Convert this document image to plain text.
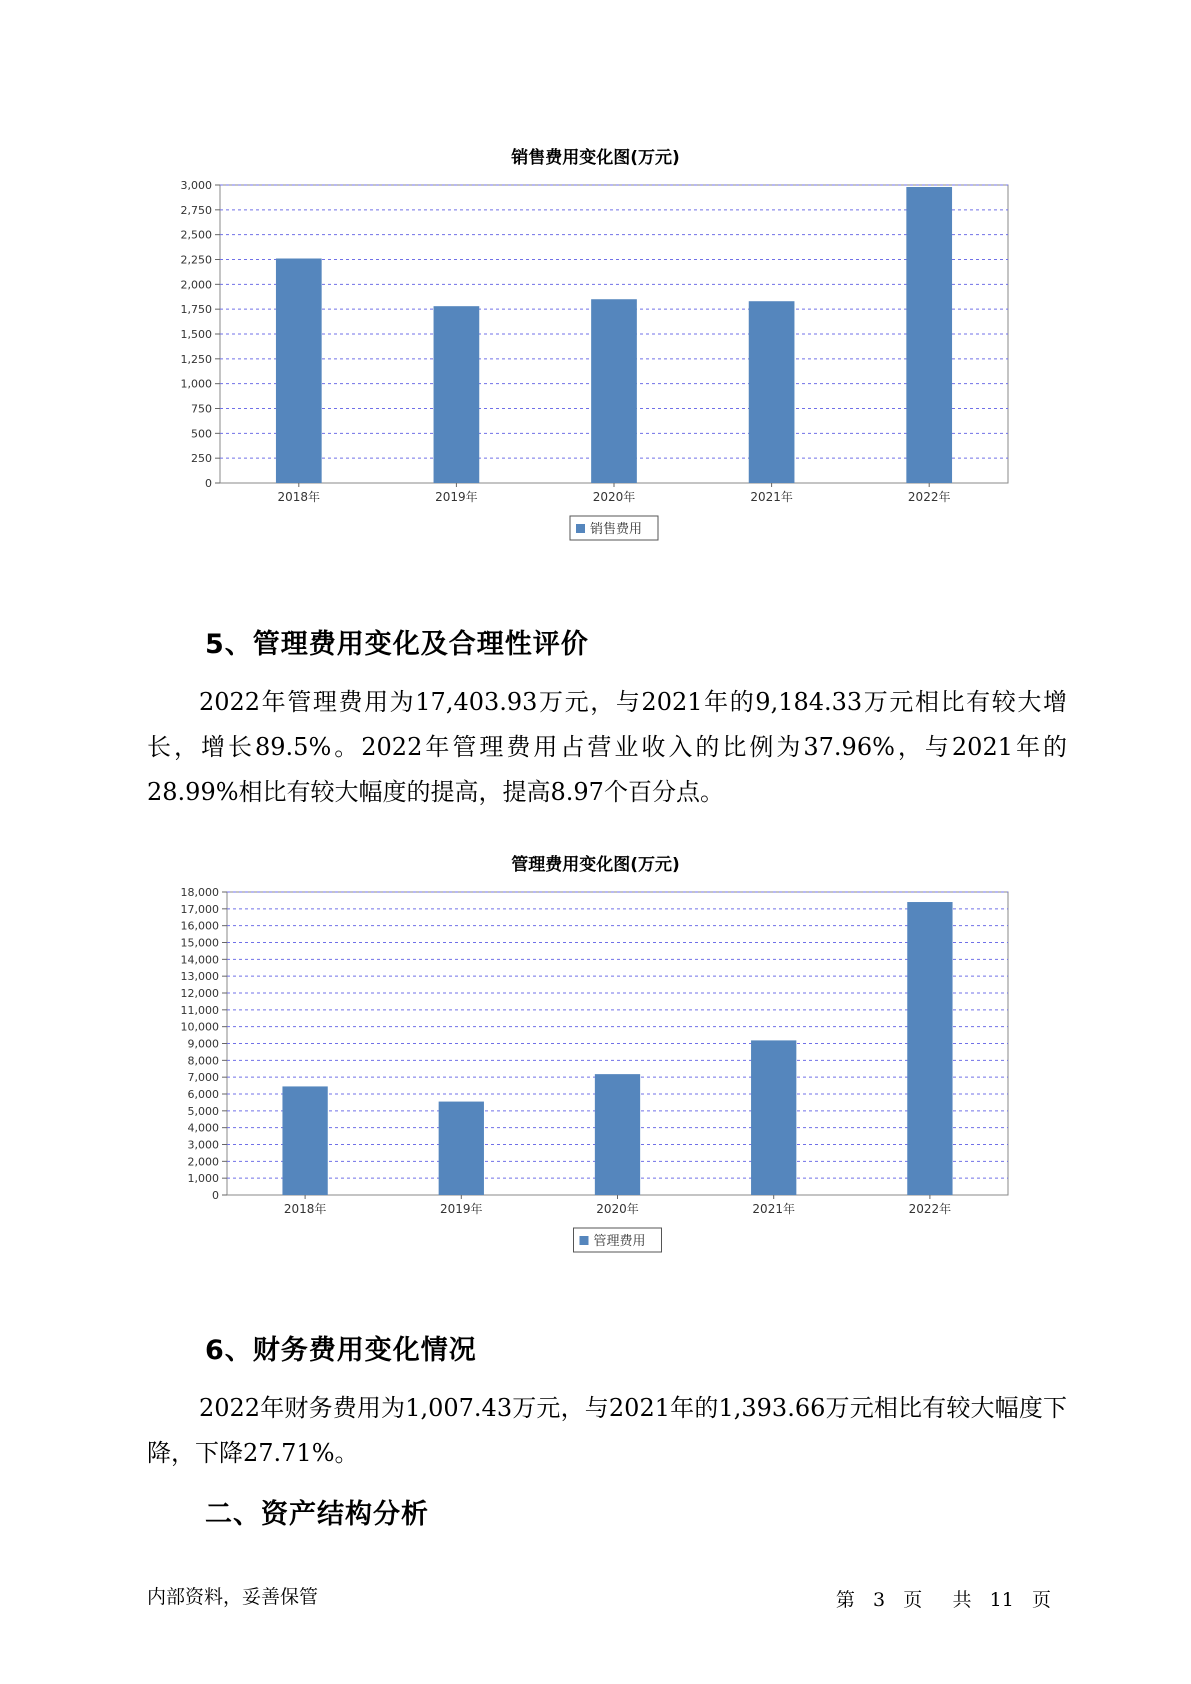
销售费用变化图(万元)
0
250
500
750
1,000
1,250
1,500
1,750
2,000
2,250
2,500
2,750
3,000
2018年	2019年	2020年	2021年	2022年
销售费用
5、管理费用变化及合理性评价
2022年管理费用为17,403.93万元，与2021年的9,184.33万元相比有较大增长，增长89.5%。2022年管理费用占营业收入的比例为37.96%，与2021年的28.99%相比有较大幅度的提高，提高8.97个百分点。
管理费用变化图(万元)
0
1,000
2,000
3,000
4,000
5,000
6,000
7,000
8,000
9,000
10,000
11,000
12,000
13,000
14,000
15,000
16,000
17,000
18,000
2018年	2019年	2020年	2021年	2022年
管理费用
6、财务费用变化情况
2022年财务费用为1,007.43万元，与2021年的1,393.66万元相比有较大幅度下降，下降27.71%。
二、资产结构分析
内部资料，妥善保管	第 3 页 共 11 页
